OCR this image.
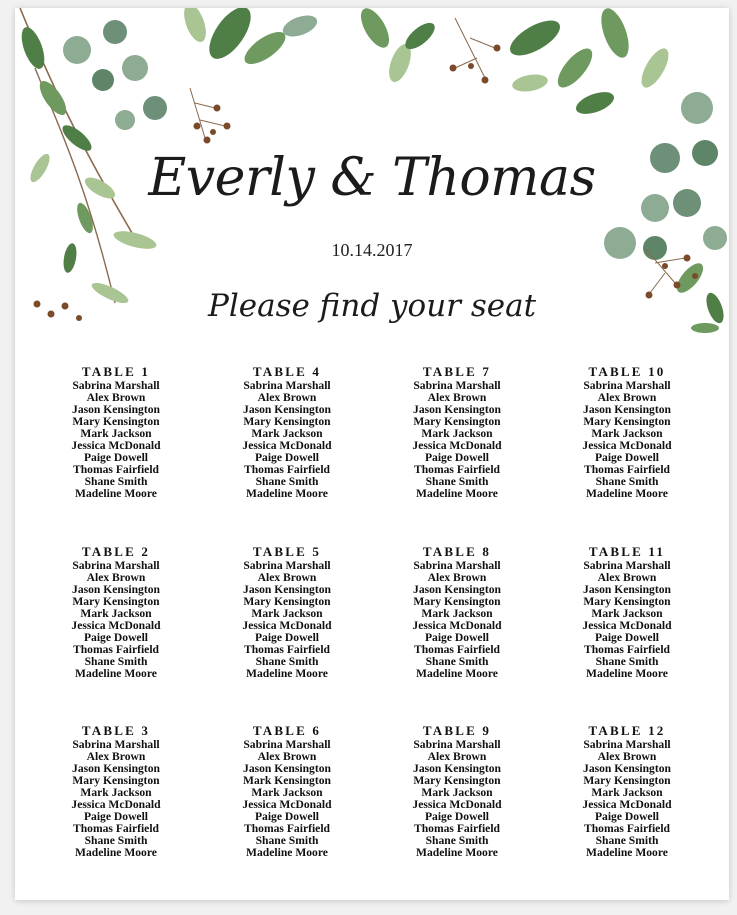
Everly & Thomas
10.14.2017
Please find your seat
TABLE 1
Sabrina Marshall
Alex Brown
Jason Kensington
Mary Kensington
Mark Jackson
Jessica McDonald
Paige Dowell
Thomas Fairfield
Shane Smith
Madeline Moore
TABLE 2
Sabrina Marshall
Alex Brown
Jason Kensington
Mary Kensington
Mark Jackson
Jessica McDonald
Paige Dowell
Thomas Fairfield
Shane Smith
Madeline Moore
TABLE 3
Sabrina Marshall
Alex Brown
Jason Kensington
Mary Kensington
Mark Jackson
Jessica McDonald
Paige Dowell
Thomas Fairfield
Shane Smith
Madeline Moore
TABLE 4
Sabrina Marshall
Alex Brown
Jason Kensington
Mary Kensington
Mark Jackson
Jessica McDonald
Paige Dowell
Thomas Fairfield
Shane Smith
Madeline Moore
TABLE 5
Sabrina Marshall
Alex Brown
Jason Kensington
Mary Kensington
Mark Jackson
Jessica McDonald
Paige Dowell
Thomas Fairfield
Shane Smith
Madeline Moore
TABLE 6
Sabrina Marshall
Alex Brown
Jason Kensington
Mark Kensington
Mark Jackson
Jessica McDonald
Paige Dowell
Thomas Fairfield
Shane Smith
Madeline Moore
TABLE 7
Sabrina Marshall
Alex Brown
Jason Kensington
Mary Kensington
Mark Jackson
Jessica McDonald
Paige Dowell
Thomas Fairfield
Shane Smith
Madeline Moore
TABLE 8
Sabrina Marshall
Alex Brown
Jason Kensington
Mary Kensington
Mark Jackson
Jessica McDonald
Paige Dowell
Thomas Fairfield
Shane Smith
Madeline Moore
TABLE 9
Sabrina Marshall
Alex Brown
Jason Kensington
Mary Kensington
Mark Jackson
Jessica McDonald
Paige Dowell
Thomas Fairfield
Shane Smith
Madeline Moore
TABLE 10
Sabrina Marshall
Alex Brown
Jason Kensington
Mary Kensington
Mark Jackson
Jessica McDonald
Paige Dowell
Thomas Fairfield
Shane Smith
Madeline Moore
TABLE 11
Sabrina Marshall
Alex Brown
Jason Kensington
Mary Kensington
Mark Jackson
Jessica McDonald
Paige Dowell
Thomas Fairfield
Shane Smith
Madeline Moore
TABLE 12
Sabrina Marshall
Alex Brown
Jason Kensington
Mary Kensington
Mark Jackson
Jessica McDonald
Paige Dowell
Thomas Fairfield
Shane Smith
Madeline Moore
